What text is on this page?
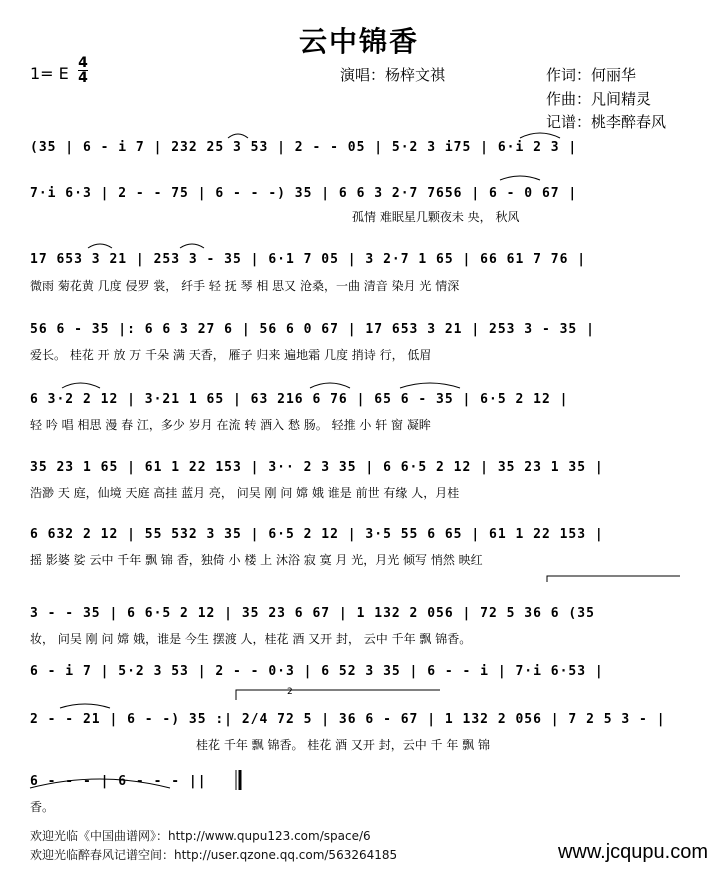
2
云中锦香
1= E
4
4	演唱：杨梓文祺	作词：何丽华
作曲：凡间精灵
记谱：桃李醉春风
(35 | 6 - i 7 | 232 25 3 53 | 2 - - 05 | 5·2 3 i75 | 6·i 2 3 |
7·i 6·3 | 2 - - 75 | 6 - - -) 35 | 6 6 3 2·7 7656 | 6 - 0 67 |
孤情 难眠星几颗夜未 央， 秋风
17 653 3 21 | 253 3 - 35 | 6·1 7 05 | 3 2·7 1 65 | 66 61 7 76 |
微雨 菊花黄 几度 侵罗 裳， 纤手 轻 抚 琴 相 思又 沧桑，一曲 清音 染月 光 情深
56 6 - 35 |: 6 6 3 27 6 | 56 6 0 67 | 17 653 3 21 | 253 3 - 35 |
爱长。 桂花 开 放 万 千朵 满 天香， 雁子 归来 遍地霜 几度 捎诗 行， 低眉
6 3·2 2 12 | 3·21 1 65 | 63 216 6 76 | 65 6 - 35 | 6·5 2 12 |
轻 吟 唱 相思 漫 春 江，多少 岁月 在流 转 酒入 愁 肠。 轻推 小 轩 窗 凝眸
35 23 1 65 | 61 1 22 153 | 3·· 2 3 35 | 6 6·5 2 12 | 35 23 1 35 |
浩渺 天 庭，仙境 天庭 高挂 蓝月 亮， 问吴 刚 问 嫦 娥 谁是 前世 有缘 人，月桂
6 632 2 12 | 55 532 3 35 | 6·5 2 12 | 3·5 55 6 65 | 61 1 22 153 |
摇 影婆 娑 云中 千年 飘 锦 香，独倚 小 楼 上 沐浴 寂 寞 月 光，月光 倾写 悄然 映红
3 - - 35 | 6 6·5 2 12 | 35 23 6 67 | 1 132 2 056 | 72 5 36 6 (35
妆， 问吴 刚 问 嫦 娥，谁是 今生 摆渡 人，桂花 酒 又开 封， 云中 千年 飘 锦香。
6 - i 7 | 5·2 3 53 | 2 - - 0·3 | 6 52 3 35 | 6 - - i | 7·i 6·53 |
2 - - 21 | 6 - -) 35 :| 2/4 72 5 | 36 6 - 67 | 1 132 2 056 | 7 2 5 3 - |
桂花 千年 飘 锦香。 桂花 酒 又开 封，云中 千 年 飘 锦
6 - - - | 6 - - - ||
香。
欢迎光临《中国曲谱网》：http://www.qupu123.com/space/6
欢迎光临醉春风记谱空间：http://user.qzone.qq.com/563264185	www.jcqupu.com
